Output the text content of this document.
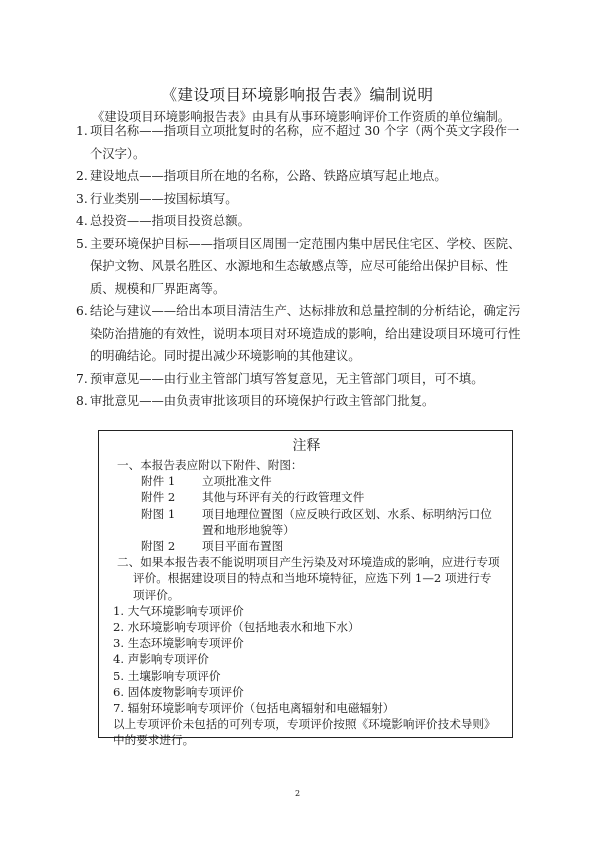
《建设项目环境影响报告表》编制说明
《建设项目环境影响报告表》由具有从事环境影响评价工作资质的单位编制。
1. 项目名称——指项目立项批复时的名称，应不超过 30 个字（两个英文字段作一个汉字）。
2. 建设地点——指项目所在地的名称，公路、铁路应填写起止地点。
3. 行业类别——按国标填写。
4. 总投资——指项目投资总额。
5. 主要环境保护目标——指项目区周围一定范围内集中居民住宅区、学校、医院、保护文物、风景名胜区、水源地和生态敏感点等，应尽可能给出保护目标、性质、规模和厂界距离等。
6. 结论与建议——给出本项目清洁生产、达标排放和总量控制的分析结论，确定污染防治措施的有效性，说明本项目对环境造成的影响，给出建设项目环境可行性的明确结论。同时提出减少环境影响的其他建议。
7. 预审意见——由行业主管部门填写答复意见，无主管部门项目，可不填。
8. 审批意见——由负责审批该项目的环境保护行政主管部门批复。
注释
一、本报告表应附以下附件、附图：
附件 1	立项批准文件
附件 2	其他与环评有关的行政管理文件
附图 1	项目地理位置图（应反映行政区划、水系、标明纳污口位置和地形地貌等）
附图 2	项目平面布置图
二、如果本报告表不能说明项目产生污染及对环境造成的影响，应进行专项评价。根据建设项目的特点和当地环境特征，应选下列 1—2 项进行专项评价。
1. 大气环境影响专项评价
2. 水环境影响专项评价（包括地表水和地下水）
3. 生态环境影响专项评价
4. 声影响专项评价
5. 土壤影响专项评价
6. 固体废物影响专项评价
7. 辐射环境影响专项评价（包括电离辐射和电磁辐射）
以上专项评价未包括的可列专项，专项评价按照《环境影响评价技术导则》中的要求进行。
2
